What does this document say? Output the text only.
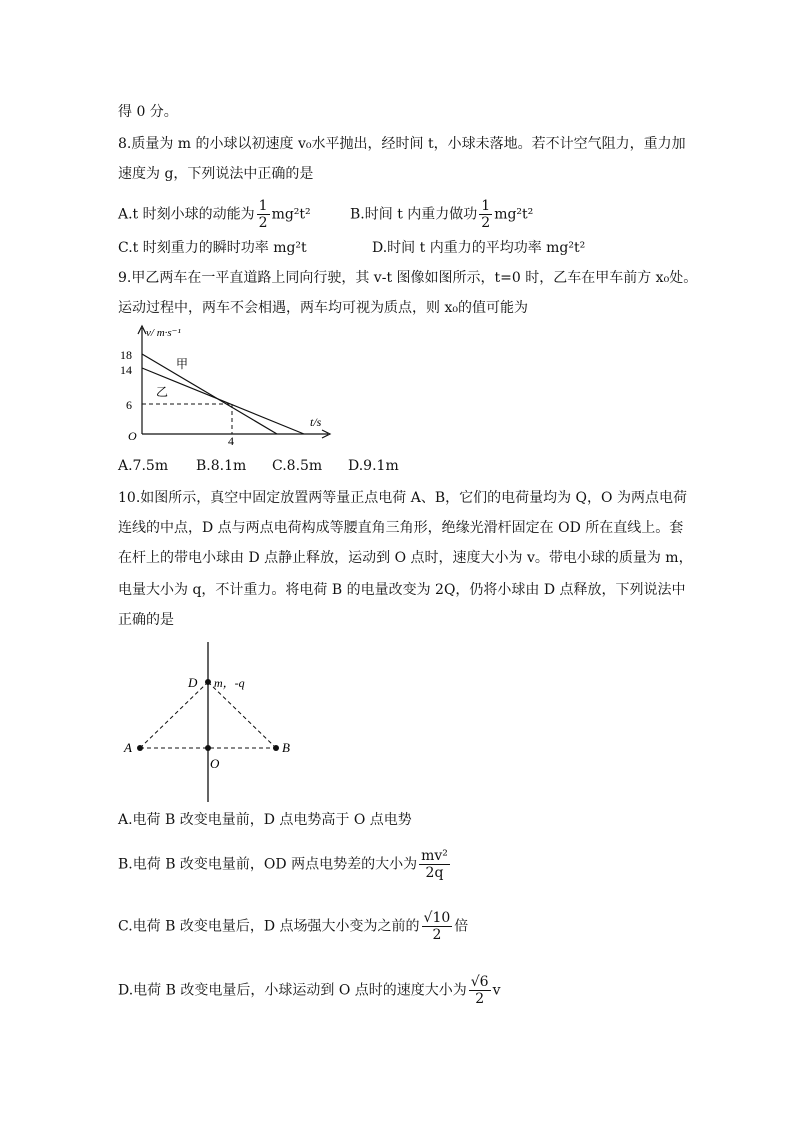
得 0 分。
8.质量为 m 的小球以初速度 v₀水平抛出，经时间 t，小球未落地。若不计空气阻力，重力加
速度为 g，下列说法中正确的是
A.t 时刻小球的动能为 $\frac{1}{2} mg^2t^2$	B.时间 t 内重力做功 $\frac{1}{2} mg^2t^2$
C.t 时刻重力的瞬时功率 mg²t	D.时间 t 内重力的平均功率 mg²t²
9.甲乙两车在一平直道路上同向行驶，其 v-t 图像如图所示，t=0 时，乙车在甲车前方 x₀处。
运动过程中，两车不会相遇，两车均可视为质点，则 x₀的值可能为
v/ m·s⁻¹
18
14
6
4
O
t/s
甲
乙
A.7.5m B.8.1m C.8.5m D.9.1m
10.如图所示，真空中固定放置两等量正点电荷 A、B，它们的电荷量均为 Q，O 为两点电荷
连线的中点，D 点与两点电荷构成等腰直角三角形，绝缘光滑杆固定在 OD 所在直线上。套
在杆上的带电小球由 D 点静止释放，运动到 O 点时，速度大小为 v。带电小球的质量为 m，
电量大小为 q，不计重力。将电荷 B 的电量改变为 2Q，仍将小球由 D 点释放，下列说法中
正确的是
D m，-q
A	B
O
A.电荷 B 改变电量前，D 点电势高于 O 点电势
B.电荷 B 改变电量前，OD 两点电势差的大小为 $\frac{\text{mv²}}{2q}$
C.电荷 B 改变电量后，D 点场强大小变为之前的 $\frac{√10}{2}$ 倍
D.电荷 B 改变电量后，小球运动到 O 点时的速度大小为 $\frac{√6}{2}$ v
